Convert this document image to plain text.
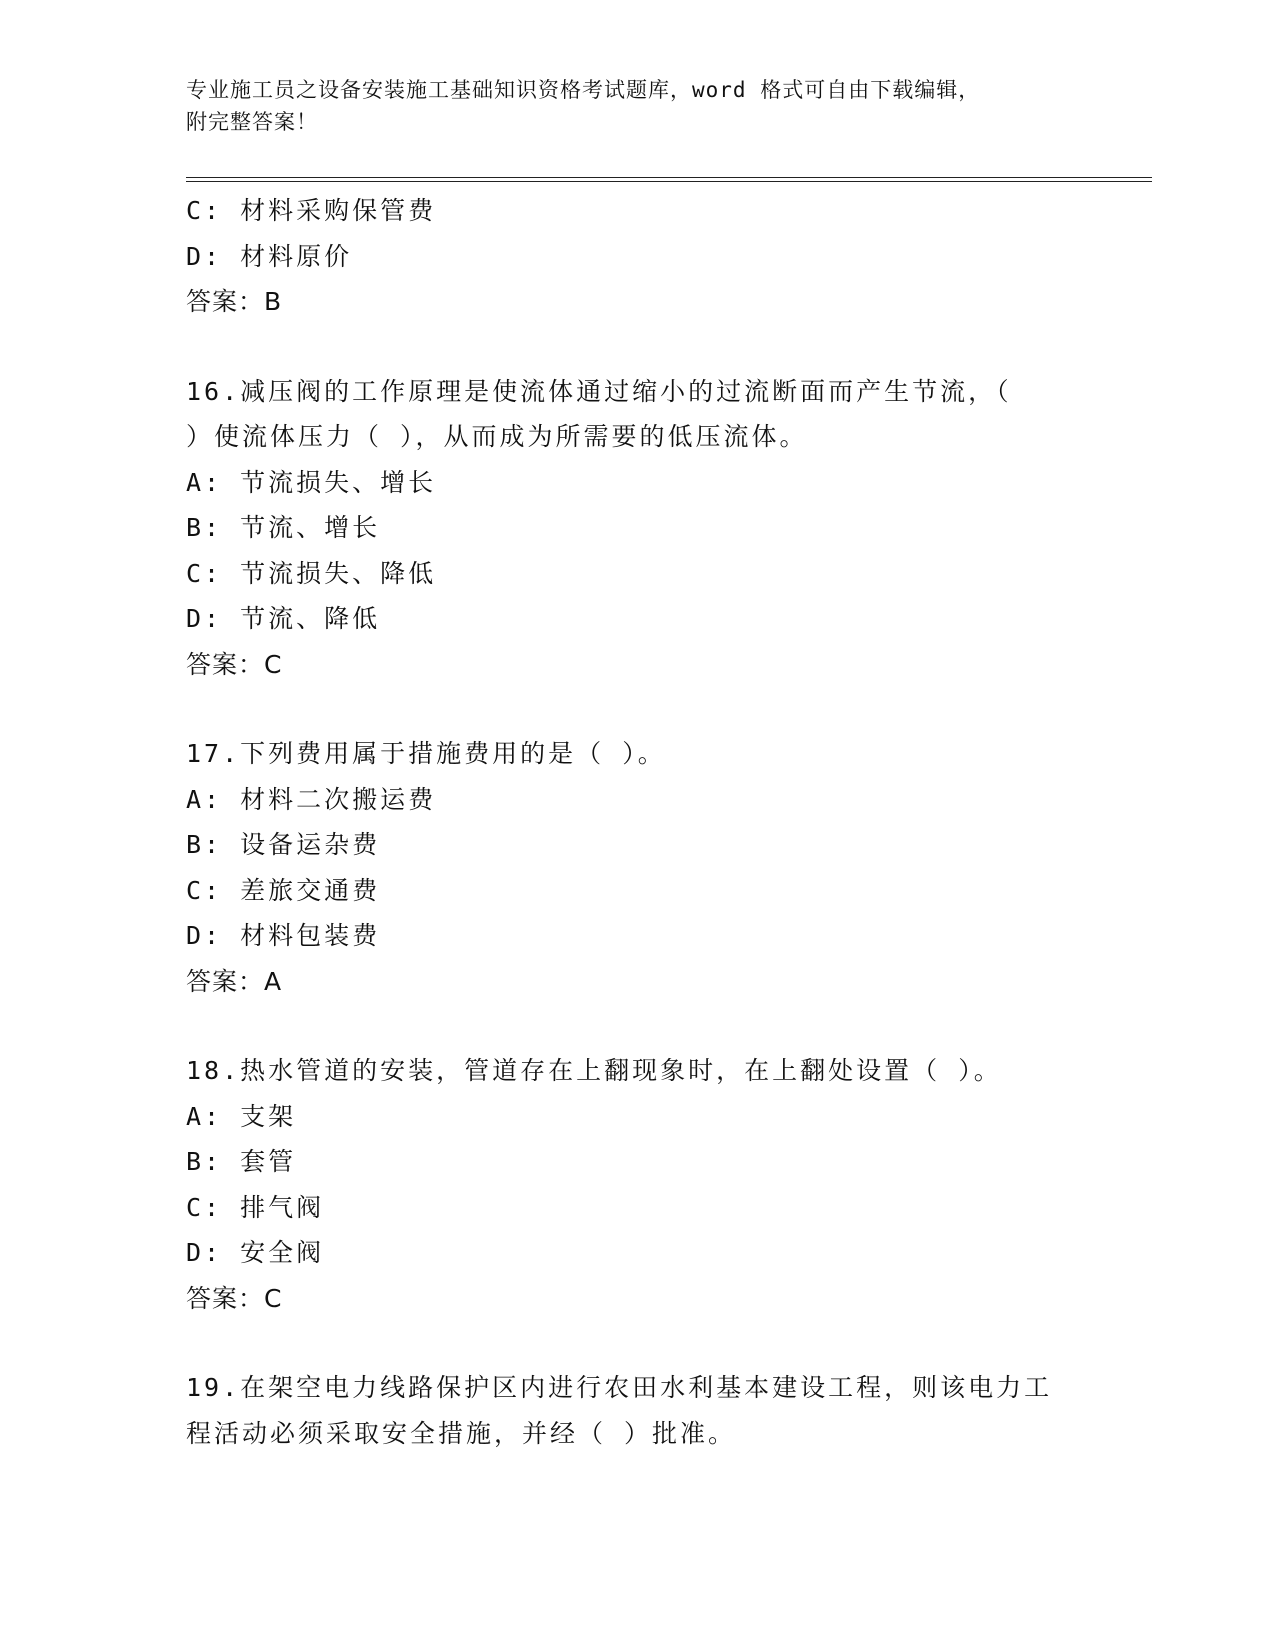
专业施工员之设备安装施工基础知识资格考试题库，word 格式可自由下载编辑，
附完整答案！
C: 材料采购保管费
D: 材料原价
答案：B
16.减压阀的工作原理是使流体通过缩小的过流断面而产生节流，（
）使流体压力（ ），从而成为所需要的低压流体。
A: 节流损失、增长
B: 节流、增长
C: 节流损失、降低
D: 节流、降低
答案：C
17.下列费用属于措施费用的是（ ）。
A: 材料二次搬运费
B: 设备运杂费
C: 差旅交通费
D: 材料包装费
答案：A
18.热水管道的安装，管道存在上翻现象时，在上翻处设置（ ）。
A: 支架
B: 套管
C: 排气阀
D: 安全阀
答案：C
19.在架空电力线路保护区内进行农田水利基本建设工程，则该电力工
程活动必须采取安全措施，并经（ ）批准。
